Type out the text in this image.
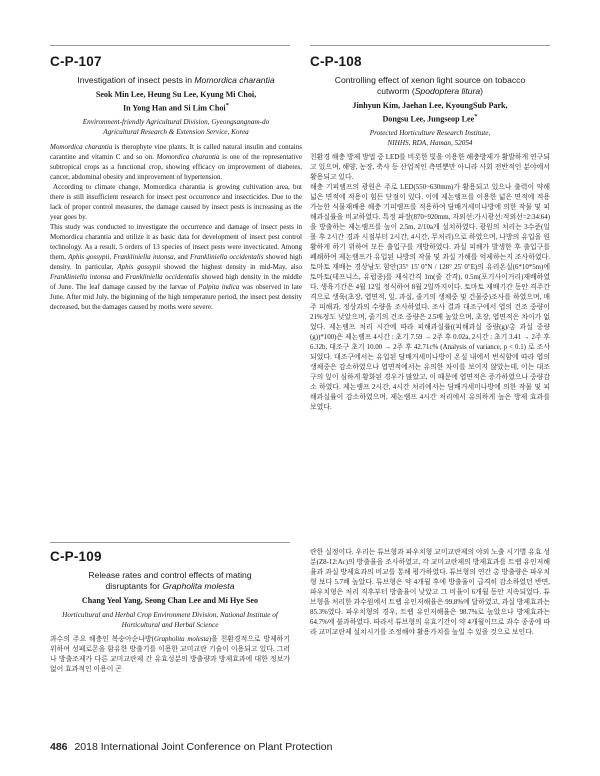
C-P-107
Investigation of insect pests in Momordica charantia
Seok Min Lee, Heung Su Lee, Kyung Mi Choi,
In Yong Han and Si Lim Choi*
Environment-friendly Agricultural Division, Gyeongsangnam-do
Agricultural Research & Extension Service, Korea

Momordica charantia is therophyte vine plants. It is called natural insulin and contains carantine and vitamin C and so on. Momordica charantia is one of the representative subtropical crops as a functional crop, showing efficacy on improvement of diabetes, cancer, abdominal obesity and improvement of hypertension.

According to climate change, Momordica charantia is growing cultivation area, but there is still insufficient research for insect pest occurrence and insecticides. Due to the lack of proper control measures, the damage caused by insect pests is increasing as the year goes by.

This study was conducted to investigate the occurrence and damage of insect pests in Momordica charantia and utilize it as basic data for development of insect pest control technology. As a result, 5 orders of 13 species of insect pests were invecticated. Among them, Aphis gossypii, Frankliniella intonsa, and Frankliniella occidentalis showed high density. In particular, Aphis gossypii showed the highest density in mid-May, also Frankliniella intonsa and Frankliniella occidentalis showed high density in the middle of June. The leaf damage caused by the larvae of Palpita indica was observed in late June. After mid July, the biginning of the high temperature period, the insect pest density decreased, but the damages caused by moths were severe.

C-P-108
Controlling effect of xenon light source on tobacco
cutworm (Spodoptera litura)
Jinhyun Kim, Jaehan Lee, KyoungSub Park,
Dongsu Lee, Jungseop Lee*
Protected Horticulture Research Institute,
NIHHS, RDA, Haman, 52054

친환경 해충 방제 방법 중 LED를 비롯한 빛을 이용한 해충방제가 활발하게 연구되고 있으며, 해양, 농장, 축사 등 산업적인 측면뿐만 아니라 사회 전반적인 분야에서 활용되고 있다.

해충 기피램프의 광원은 주로 LED(550~630mm)가 활용되고 있으나 출력이 약해 넓은 면적에 적용이 힘든 단점이 있다. 이에 제논램프를 이용한 넓은 면적에 적용 가능한 식물재배용 해충 기피램프를 적용하여 담배거세미나방에 의한 작물 및 피해과실률을 비교하였다. 특정 파장(870~920mm, 자외선:가시광선:적외선=2:34:64)을 방출하는 제논램프를 높이 2.5m, 2/10a개 설치하였다. 광원의 처리는 3수준(일몰 후 2시간 경과 시점부터 2시간, 4시간, 무처리)으로 하였으며, 나방의 유입을 원활하게 하기 위하여 모든 출입구를 개방하였다. 과실 피해가 발생한 후 출입구를 폐쇄하여 제논램프가 유입된 나방의 작물 및 과실 가해를 억제하는지 조사하였다. 토마토 재배는 경상남도 함안(35° 15' 0"N / 128° 25' 0"E)의 유리온실(6*10*5m)에 토마토(데프니스, 유럽종)를 재식간격 1m(줄 간격), 0.5m(포기사이거리)재배하였다. 생육기간은 4월 12일 정식하여 8월 2일까지이다. 토마토 재배기간 동안 격주간격으로 생육(초장, 엽면적, 잎, 과실, 줄기의 생체중 및 건물중)조사를 하였으며, 매주 피해과, 정상과의 수량을 조사하였다. 조사 결과 대조구에서 엽의 건조 중량이 21%정도 낮았으며, 줄기의 건조 중량은 2.5배 높았으며, 초장, 엽면적은 차이가 없었다. 제논램프 처리 시간에 따라 피해과실률((피해과실 중량(g)/총 과실 중량(g))*100)은 제논램프 4시간 : 초기 7.59 → 2주 후 0.02a, 2시간 : 초기 3.41 → 2주 후 6.32b, 대조구 초기 10.00 → 2주 후 42.71c% (Analysis of variance, p < 0.1) 로 조사되었다. 대조구에서는 유입된 담배거세미나방이 온실 내에서 번식함에 따라 엽의 생체중은 감소하였으나 엽면적에서는 유의한 차이를 보이지 않았는데, 이는 대조구의 잎이 심하게 황화된 경우가 많았고, 이 때문에 엽면적은 증가하였으나 중량감소 하였다. 제논램프 2시간, 4시간 처리에서는 담배거세미나방에 의한 작물 및 피해과실률이 감소하였으며, 제논램프 4시간 처리에서 유의하게 높은 방제 효과를 보였다.

C-P-109
Release rates and control effects of mating
disruptants for Grapholita molesta
Chang Yeol Yang, Seong Chan Lee and Mi Hye Seo
Horticultural and Herbal Crop Environment Division, National Institute of
Horticultural and Herbal Science

과수의 주요 해충인 복숭아순나방(Grapholita molesta)을 친환경적으로 방제하기 위하여 성페로몬을 함유한 방출기를 이용한 교미교란 기술이 이용되고 있다. 그러나 방출조제가 다른 교미교란제 간 유효성분의 방출량과 방제효과에 대한 정보가 없어 효과적인 이용이 곤

란한 실정이다. 우리는 튜브형과 파우치형 교미교란제의 야외 노출 시기별 유효 성분(Z8-12:Ac)의 방출율을 조사하였고, 각 교미교란제의 방제효과를 트랩 유인저해율과 과실 방제효과의 비교를 통해 평가하였다. 튜브형의 연간 총 방출량은 파우치형 보다 5.7배 높았다. 튜브형은 약 4개월 후에 방출율이 급격히 감소하였던 반면, 파우치형은 처리 직후부터 방출율이 낮았고 그 비율이 6개월 동안 지속되었다. 튜브형을 처리한 과수원에서 트랩 유인저해율은 99.8%에 달하였고, 과실 방제효과는 85.3%였다. 파우치형의 경우, 트랩 유인저해율은 98.7%로 높았으나 방제효과는 64.7%에 불과하였다. 따라서 튜브형의 유효기간이 약 4개월이므로 과수 종종에 따라 교미교란제 설치시기를 조정해야 활용가치를 높일 수 있을 것으로 보인다.

486 2018 International Joint Conference on Plant Protection
